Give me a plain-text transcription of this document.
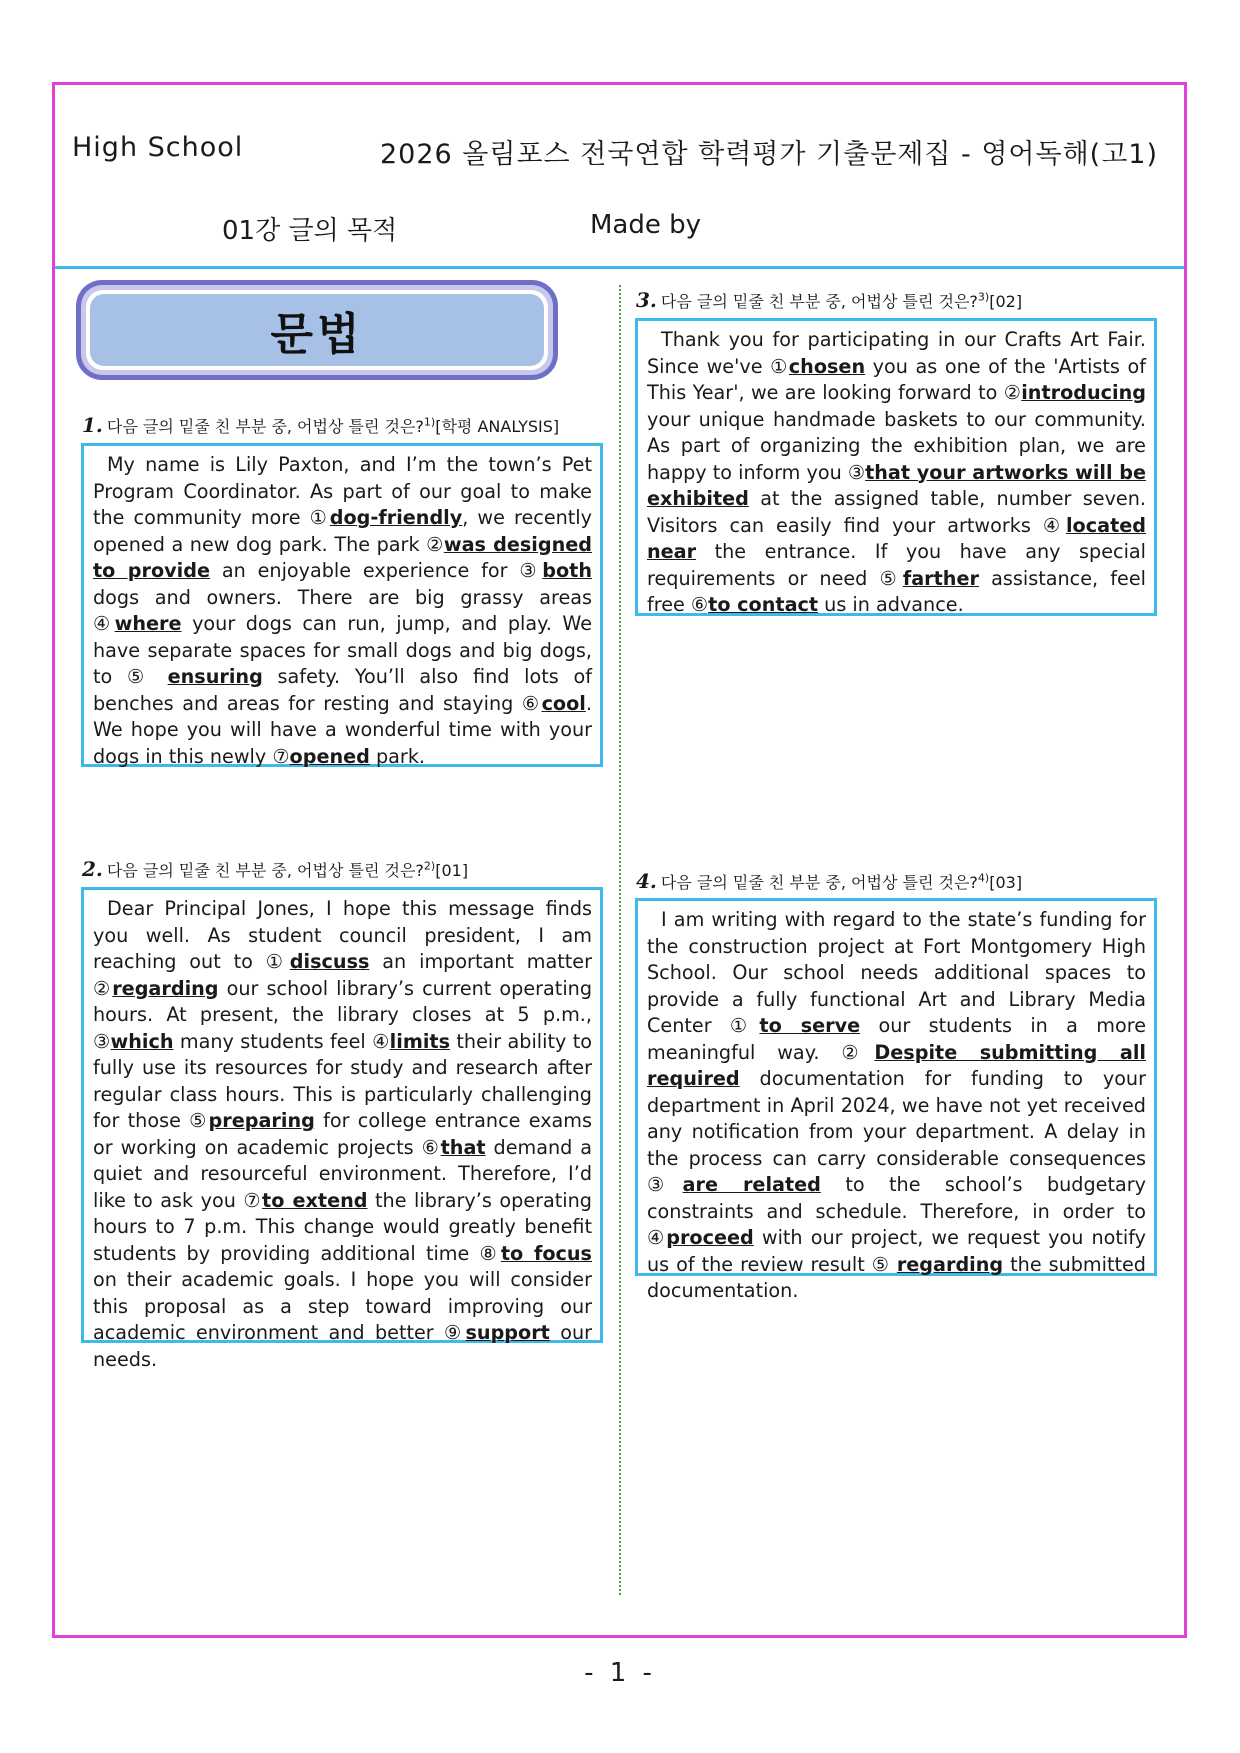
High School	2026 올림포스 전국연합 학력평가 기출문제집 - 영어독해(고1)
01강 글의 목적	Made by
문법
1. 다음 글의 밑줄 친 부분 중, 어법상 틀린 것은?$^{1)}$[학평 ANALYSIS]

My name is Lily Paxton, and I’m the town’s Pet Program Coordinator. As part of our goal to make the community more ①dog-friendly, we recently opened a new dog park. The park ②was designed to provide an enjoyable experience for ③both dogs and owners. There are big grassy areas ④where your dogs can run, jump, and play. We have separate spaces for small dogs and big dogs, to ⑤ ensuring safety. You’ll also find lots of benches and areas for resting and staying ⑥cool. We hope you will have a wonderful time with your dogs in this newly ⑦opened park.

2. 다음 글의 밑줄 친 부분 중, 어법상 틀린 것은?$^{2)}$[01]

Dear Principal Jones, I hope this message finds you well. As student council president, I am reaching out to ①discuss an important matter ②regarding our school library’s current operating hours. At present, the library closes at 5 p.m., ③which many students feel ④limits their ability to fully use its resources for study and research after regular class hours. This is particularly challenging for those ⑤preparing for college entrance exams or working on academic projects ⑥that demand a quiet and resourceful environment. Therefore, I’d like to ask you ⑦to extend the library’s operating hours to 7 p.m. This change would greatly benefit students by providing additional time ⑧to focus on their academic goals. I hope you will consider this proposal as a step toward improving our academic environment and better ⑨support our needs.

3. 다음 글의 밑줄 친 부분 중, 어법상 틀린 것은?$^{3)}$[02]

Thank you for participating in our Crafts Art Fair. Since we've ①chosen you as one of the 'Artists of This Year', we are looking forward to ②introducing your unique handmade baskets to our community. As part of organizing the exhibition plan, we are happy to inform you ③that your artworks will be exhibited at the assigned table, number seven. Visitors can easily find your artworks ④located near the entrance. If you have any special requirements or need ⑤farther assistance, feel free ⑥to contact us in advance.

4. 다음 글의 밑줄 친 부분 중, 어법상 틀린 것은?$^{4)}$[03]

I am writing with regard to the state’s funding for the construction project at Fort Montgomery High School. Our school needs additional spaces to provide a fully functional Art and Library Media Center ①to serve our students in a more meaningful way. ②Despite submitting all required documentation for funding to your department in April 2024, we have not yet received any notification from your department. A delay in the process can carry considerable consequences ③are related to the school’s budgetary constraints and schedule. Therefore, in order to ④proceed with our project, we request you notify us of the review result ⑤ regarding the submitted documentation.

- 1 -
